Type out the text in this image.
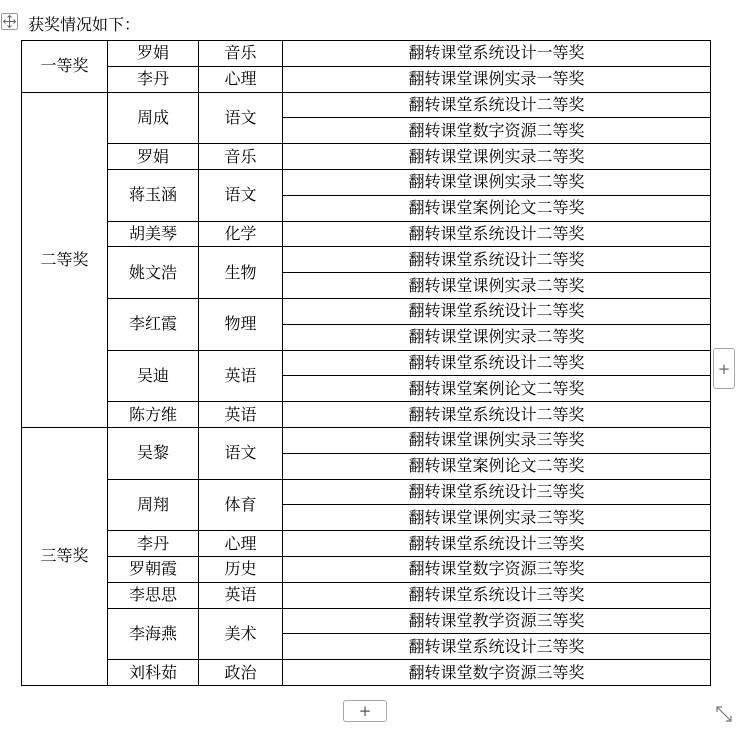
获奖情况如下：
一等奖	罗娟	音乐	翻转课堂系统设计一等奖
	李丹	心理	翻转课堂课例实录一等奖
二等奖	周成	语文	翻转课堂系统设计二等奖
			翻转课堂数字资源二等奖
	罗娟	音乐	翻转课堂课例实录二等奖
	蒋玉涵	语文	翻转课堂课例实录二等奖
			翻转课堂案例论文二等奖
	胡美琴	化学	翻转课堂系统设计二等奖
	姚文浩	生物	翻转课堂系统设计二等奖
			翻转课堂课例实录二等奖
	李红霞	物理	翻转课堂系统设计二等奖
			翻转课堂课例实录二等奖
	吴迪	英语	翻转课堂系统设计二等奖
			翻转课堂案例论文二等奖
	陈方维	英语	翻转课堂系统设计二等奖
三等奖	吴黎	语文	翻转课堂课例实录三等奖
			翻转课堂案例论文二等奖
	周翔	体育	翻转课堂系统设计三等奖
			翻转课堂课例实录三等奖
	李丹	心理	翻转课堂系统设计三等奖
	罗朝霞	历史	翻转课堂数字资源三等奖
	李思思	英语	翻转课堂系统设计三等奖
	李海燕	美术	翻转课堂教学资源三等奖
			翻转课堂系统设计三等奖
	刘科茹	政治	翻转课堂数字资源三等奖
+
+
